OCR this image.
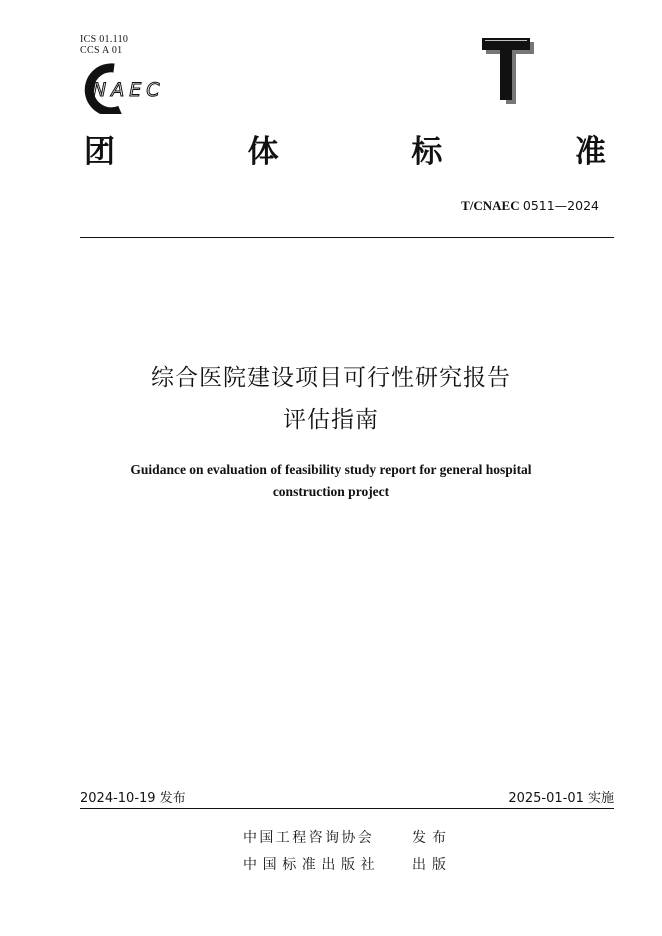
ICS 01.110
CCS A 01
NAEC
T
团	体	标	准
T/CNAEC 0511—2024
综合医院建设项目可行性研究报告
评估指南
Guidance on evaluation of feasibility study report for general hospital
construction project
2024-10-19 发布	2025-01-01 实施
中国工程咨询协会	发布
中国标准出版社 出版
